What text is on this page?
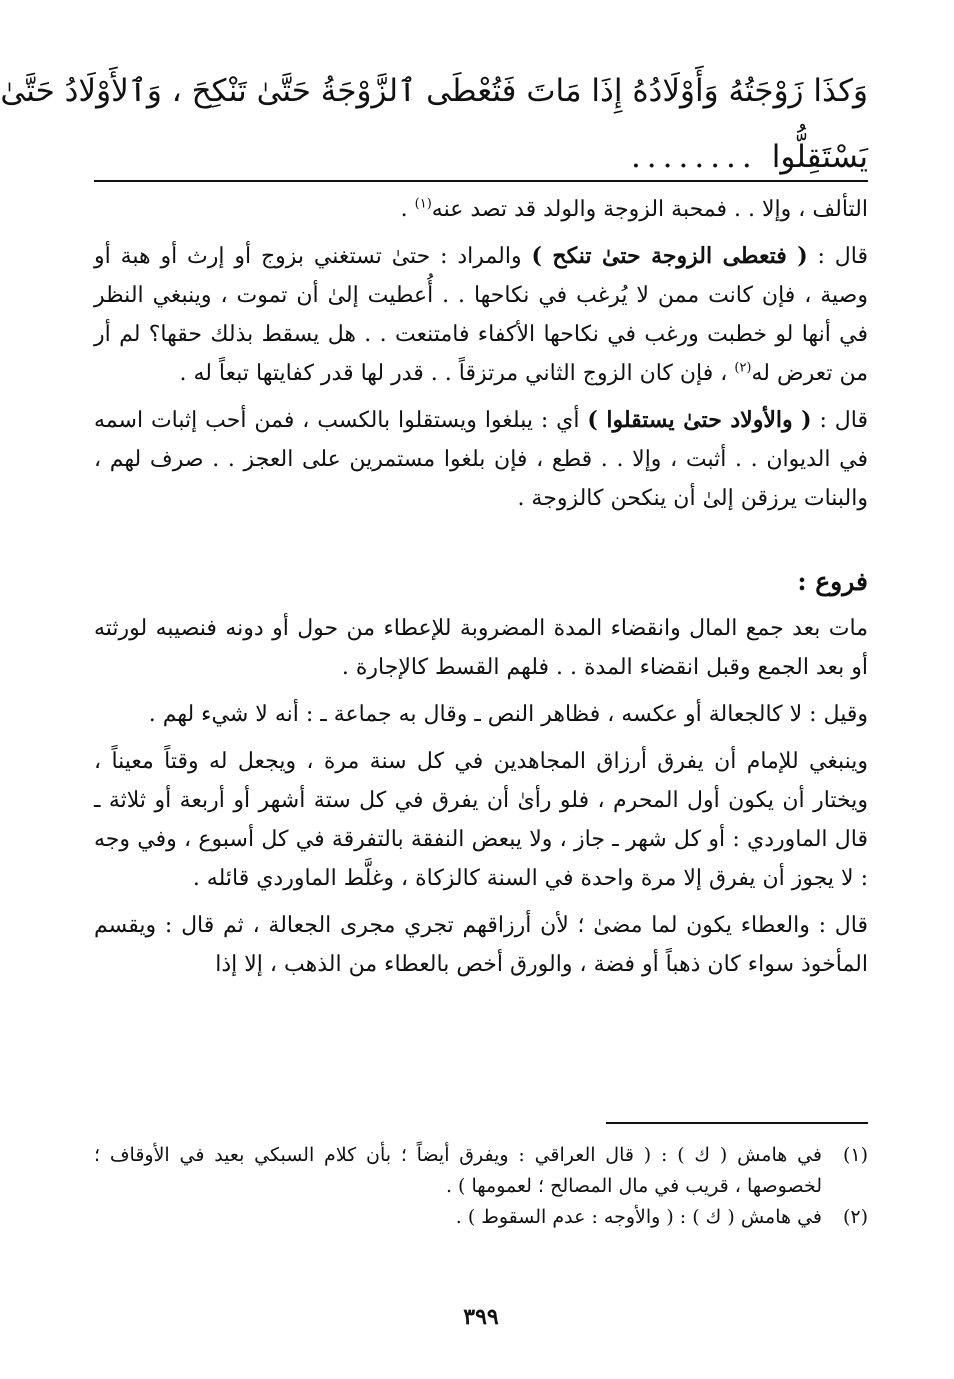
وَكذَا زَوْجَتُهُ وَأَوْلَادُهُ إِذَا مَاتَ فَتُعْطَى ٱلزَّوْجَةُ حَتَّىٰ تَنْكِحَ ، وَٱلأَوْلَادُ حَتَّىٰ
يَسْتَقِلُّوا........

التألف ، وإلا . . فمحبة الزوجة والولد قد تصد عنه$^{(١)}$ .

قال : ( فتعطى الزوجة حتىٰ تنكح ) والمراد : حتىٰ تستغني بزوج أو إرث أو هبة أو وصية ، فإن كانت ممن لا يُرغب في نكاحها . . أُعطيت إلىٰ أن تموت ، وينبغي النظر في أنها لو خطبت ورغب في نكاحها الأكفاء فامتنعت . . هل يسقط بذلك حقها؟ لم أر من تعرض له$^{(٢)}$ ، فإن كان الزوج الثاني مرتزقاً . . قدر لها قدر كفايتها تبعاً له .

قال : ( والأولاد حتىٰ يستقلوا ) أي : يبلغوا ويستقلوا بالكسب ، فمن أحب إثبات اسمه في الديوان . . أثبت ، وإلا . . قطع ، فإن بلغوا مستمرين على العجز . . صرف لهم ، والبنات يرزقن إلىٰ أن ينكحن كالزوجة .

فروع :

مات بعد جمع المال وانقضاء المدة المضروبة للإعطاء من حول أو دونه فنصيبه لورثته أو بعد الجمع وقبل انقضاء المدة . . فلهم القسط كالإجارة .

وقيل : لا كالجعالة أو عكسه ، فظاهر النص ـ وقال به جماعة ـ : أنه لا شيء لهم .

وينبغي للإمام أن يفرق أرزاق المجاهدين في كل سنة مرة ، ويجعل له وقتاً معيناً ، ويختار أن يكون أول المحرم ، فلو رأىٰ أن يفرق في كل ستة أشهر أو أربعة أو ثلاثة ـ قال الماوردي : أو كل شهر ـ جاز ، ولا يبعض النفقة بالتفرقة في كل أسبوع ، وفي وجه : لا يجوز أن يفرق إلا مرة واحدة في السنة كالزكاة ، وغلَّط الماوردي قائله .

قال : والعطاء يكون لما مضىٰ ؛ لأن أرزاقهم تجري مجرى الجعالة ، ثم قال : ويقسم المأخوذ سواء كان ذهباً أو فضة ، والورق أخص بالعطاء من الذهب ، إلا إذا

(١)
في هامش ( ك ) : ( قال العراقي : ويفرق أيضاً ؛ بأن كلام السبكي بعيد في الأوقاف ؛ لخصوصها ، قريب في مال المصالح ؛ لعمومها ) .
(٢)
في هامش ( ك ) : ( والأوجه : عدم السقوط ) .
٣٩٩
